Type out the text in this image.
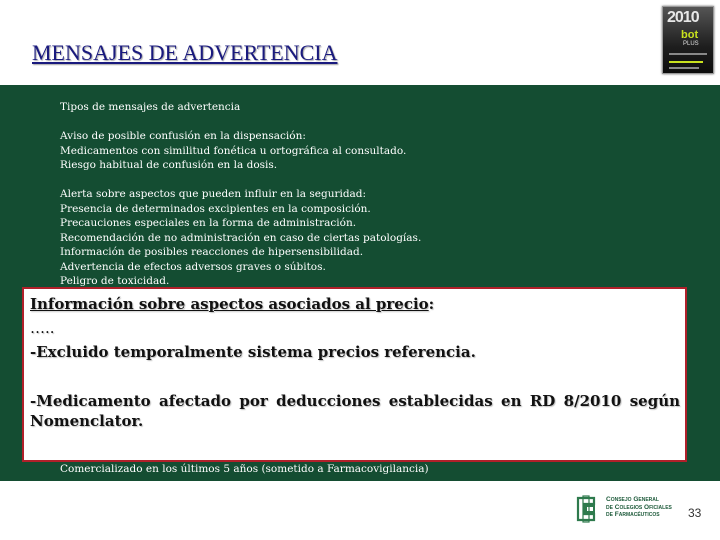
MENSAJES DE ADVERTENCIA
2010
bot
PLUS

Tipos de mensajes de advertencia

Aviso de posible confusión en la dispensación:

Medicamentos con similitud fonética u ortográfica al consultado.

Riesgo habitual de confusión en la dosis.

Alerta sobre aspectos que pueden influir en la seguridad:

Presencia de determinados excipientes en la composición.

Precauciones especiales en la forma de administración.

Recomendación de no administración en caso de ciertas patologías.

Información de posibles reacciones de hipersensibilidad.

Advertencia de efectos adversos graves o súbitos.

Peligro de toxicidad.

Información sobre aspectos asociados al precio:
…..
-Excluido temporalmente sistema precios referencia.
-Medicamento afectado por deducciones establecidas en RD 8/2010 según
Nomenclator.
Comercializado en los últimos 5 años (sometido a Farmacovigilancia)
Consejo General
de Colegios Oficiales
de Farmacéuticos	33
